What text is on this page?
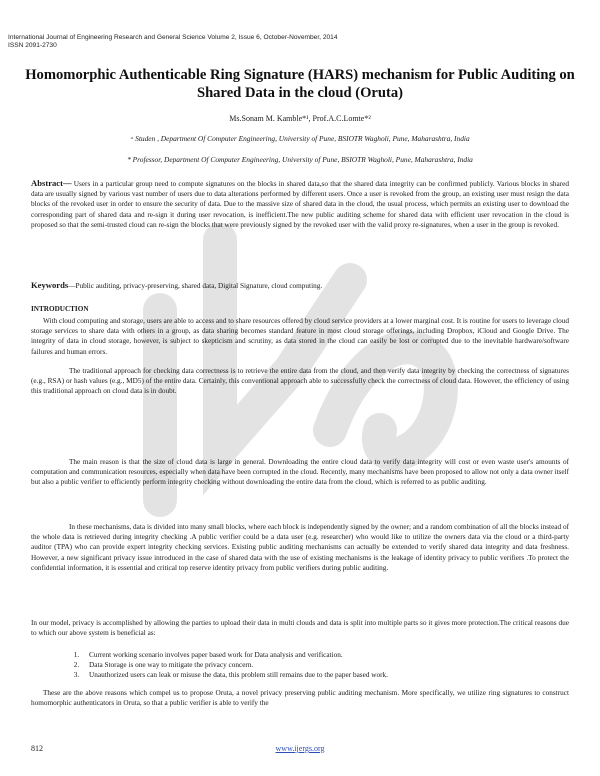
International Journal of Engineering Research and General Science Volume 2, Issue 6, October-November, 2014
ISSN 2091-2730
Homomorphic Authenticable Ring Signature (HARS) mechanism for Public Auditing on Shared Data in the cloud (Oruta)
Ms.Sonam M. Kamble*¹, Prof.A.C.Lomte*²
ᵃ Studen , Department Of Computer Engineering, University of Pune, BSIOTR Wagholi, Pune, Maharashtra, India
* Professor, Department Of Computer Engineering, University of Pune, BSIOTR Wagholi, Pune, Maharashtra, India
Abstract— Users in a particular group need to compute signatures on the blocks in shared data,so that the shared data integrity can be confirmed publicly. Various blocks in shared data are usually signed by various vast number of users due to data alterations performed by different users. Once a user is revoked from the group, an existing user must resign the data blocks of the revoked user in order to ensure the security of data. Due to the massive size of shared data in the cloud, the usual process, which permits an existing user to download the corresponding part of shared data and re-sign it during user revocation, is inefficient.The new public auditing scheme for shared data with efficient user revocation in the cloud is proposed so that the semi-trusted cloud can re-sign the blocks that were previously signed by the revoked user with the valid proxy re-signatures, when a user in the group is revoked.
Keywords—Public auditing, privacy-preserving, shared data, Digital Signature, cloud computing.
INTRODUCTION
With cloud computing and storage, users are able to access and to share resources offered by cloud service providers at a lower marginal cost. It is routine for users to leverage cloud storage services to share data with others in a group, as data sharing becomes standard feature in most cloud storage offerings, including Dropbox, iCloud and Google Drive. The integrity of data in cloud storage, however, is subject to skepticism and scrutiny, as data stored in the cloud can easily be lost or corrupted due to the inevitable hardware/software failures and human errors.
The traditional approach for checking data correctness is to retrieve the entire data from the cloud, and then verify data integrity by checking the correctness of signatures (e.g., RSA) or hash values (e.g., MD5) of the entire data. Certainly, this conventional approach able to successfully check the correctness of cloud data. However, the efficiency of using this traditional approach on cloud data is in doubt.
The main reason is that the size of cloud data is large in general. Downloading the entire cloud data to verify data integrity will cost or even waste user's amounts of computation and communication resources, especially when data have been corrupted in the cloud. Recently, many mechanisms have been proposed to allow not only a data owner itself but also a public verifier to efficiently perform integrity checking without downloading the entire data from the cloud, which is referred to as public auditing.
In these mechanisms, data is divided into many small blocks, where each block is independently signed by the owner; and a random combination of all the blocks instead of the whole data is retrieved during integrity checking .A public verifier could be a data user (e.g. researcher) who would like to utilize the owners data via the cloud or a third-party auditor (TPA) who can provide expert integrity checking services. Existing public auditing mechanisms can actually be extended to verify shared data integrity and data freshness. However, a new significant privacy issue introduced in the case of shared data with the use of existing mechanisms is the leakage of identity privacy to public verifiers .To protect the confidential information, it is essential and critical top reserve identity privacy from public verifiers during public auditing.
In our model, privacy is accomplished by allowing the parties to upload their data in multi clouds and data is split into multiple parts so it gives more protection.The critical reasons due to which our above system is beneficial as:
1. Current working scenario involves paper based work for Data analysis and verification.
2. Data Storage is one way to mitigate the privacy concern.
3. Unauthorized users can leak or misuse the data, this problem still remains due to the paper based work.
These are the above reasons which compel us to propose Oruta, a novel privacy preserving public auditing mechanism. More specifically, we utilize ring signatures to construct homomorphic authenticators in Oruta, so that a public verifier is able to verify the
812	www.ijergs.org
